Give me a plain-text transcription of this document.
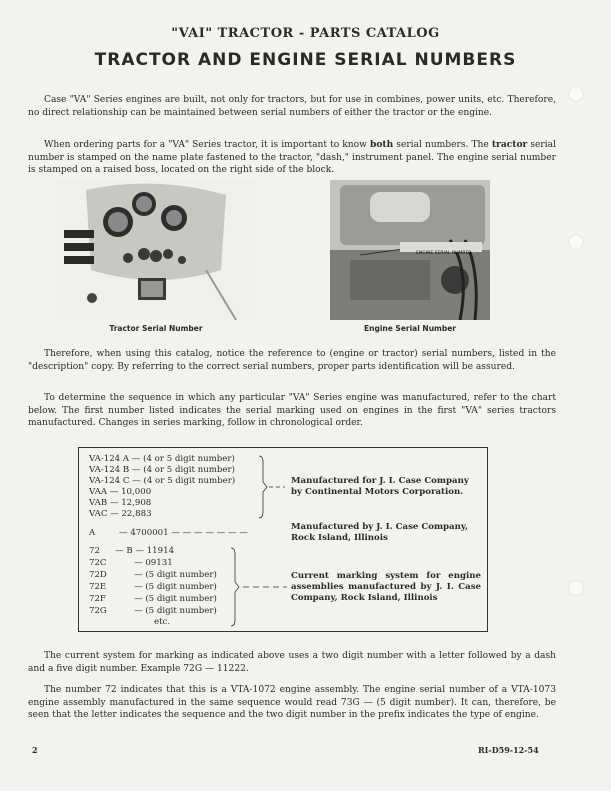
"VAI" TRACTOR - PARTS CATALOG
TRACTOR AND ENGINE SERIAL NUMBERS

Case "VA" Series engines are built, not only for tractors, but for use in combines, power units, etc. Therefore, no direct relationship can be maintained between serial numbers of either the tractor or the engine.

When ordering parts for a "VA" Series tractor, it is important to know both serial numbers. The tractor serial number is stamped on the name plate fastened to the tractor, "dash," instrument panel. The engine serial number is stamped on a raised boss, located on the right side of the block.

Tractor Serial Number
ENGINE SERIAL NUMBER
Engine Serial Number

Therefore, when using this catalog, notice the reference to (engine or tractor) serial numbers, listed in the "description" copy. By referring to the correct serial numbers, proper parts identification will be assured.

To determine the sequence in which any particular "VA" Series engine was manufactured, refer to the chart below. The first number listed indicates the serial marking used on engines in the first "VA" series tractors manufactured. Changes in series marking, follow in chronological order.

VA-124 A — (4 or 5 digit number)
VA-124 B — (4 or 5 digit number)
VA-124 C — (4 or 5 digit number)
VAA — 10,000
VAB — 12,908
VAC — 22,883
Manufactured for J. I. Case Company by Continental Motors Corporation.
A	— 4700001 — — — — — — —
Manufactured by J. I. Case Company, Rock Island, Illinois
72
72C
72D
72E
72F
72G
— B — 11914
— 09131
— (5 digit number)
— (5 digit number)
— (5 digit number)
— (5 digit number)
etc.
Current marking system for engine assemblies manufactured by J. I. Case Company, Rock Island, Illinois

The current system for marking as indicated above uses a two digit number with a letter followed by a dash and a five digit number. Example 72G — 11222.

The number 72 indicates that this is a VTA-1072 engine assembly. The engine serial number of a VTA-1073 engine assembly manufactured in the same sequence would read 73G — (5 digit number). It can, therefore, be seen that the letter indicates the sequence and the two digit number in the prefix indicates the type of engine.

2	RI-D59-12-54
